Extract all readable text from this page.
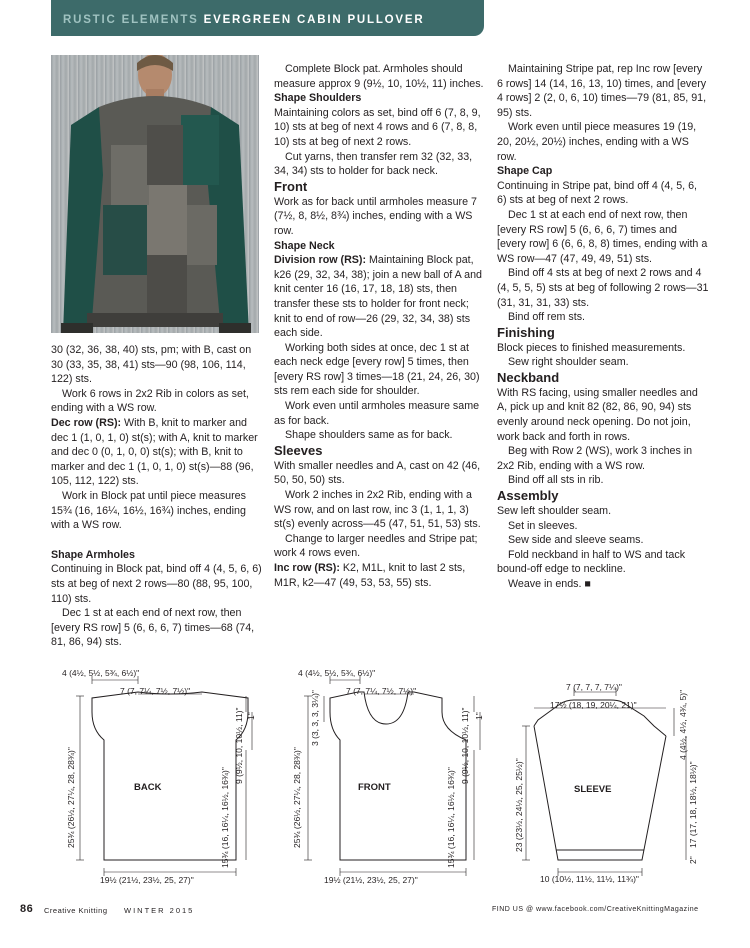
RUSTIC ELEMENTS EVERGREEN CABIN PULLOVER

30 (32, 36, 38, 40) sts, pm; with B, cast on 30 (33, 35, 38, 41) sts—90 (98, 106, 114, 122) sts.

Work 6 rows in 2x2 Rib in colors as set, ending with a WS row.

Dec row (RS): With B, knit to marker and dec 1 (1, 0, 1, 0) st(s); with A, knit to marker and dec 0 (0, 1, 0, 0) st(s); with B, knit to marker and dec 1 (1, 0, 1, 0) st(s)—88 (96, 105, 112, 122) sts.

Work in Block pat until piece measures 15¾ (16, 16¼, 16½, 16¾) inches, ending with a WS row.

Shape Armholes

Continuing in Block pat, bind off 4 (4, 5, 6, 6) sts at beg of next 2 rows—80 (88, 95, 100, 110) sts.

Dec 1 st at each end of next row, then [every RS row] 5 (6, 6, 6, 7) times—68 (74, 81, 86, 94) sts.

Complete Block pat. Armholes should measure approx 9 (9½, 10, 10½, 11) inches.

Shape Shoulders

Maintaining colors as set, bind off 6 (7, 8, 9, 10) sts at beg of next 4 rows and 6 (7, 8, 8, 10) sts at beg of next 2 rows.

Cut yarns, then transfer rem 32 (32, 33, 34, 34) sts to holder for back neck.

Front

Work as for back until armholes measure 7 (7½, 8, 8½, 8¾) inches, ending with a WS row.

Shape Neck

Division row (RS): Maintaining Block pat, k26 (29, 32, 34, 38); join a new ball of A and knit center 16 (16, 17, 18, 18) sts, then transfer these sts to holder for front neck; knit to end of row—26 (29, 32, 34, 38) sts each side.

Working both sides at once, dec 1 st at each neck edge [every row] 5 times, then [every RS row] 3 times—18 (21, 24, 26, 30) sts rem each side for shoulder.

Work even until armholes measure same as for back.

Shape shoulders same as for back.

Sleeves

With smaller needles and A, cast on 42 (46, 50, 50, 50) sts.

Work 2 inches in 2x2 Rib, ending with a WS row, and on last row, inc 3 (1, 1, 1, 3) st(s) evenly across—45 (47, 51, 51, 53) sts.

Change to larger needles and Stripe pat; work 4 rows even.

Inc row (RS): K2, M1L, knit to last 2 sts, M1R, k2—47 (49, 53, 53, 55) sts.

Maintaining Stripe pat, rep Inc row [every 6 rows] 14 (14, 16, 13, 10) times, and [every 4 rows] 2 (2, 0, 6, 10) times—79 (81, 85, 91, 95) sts.

Work even until piece measures 19 (19, 20, 20½, 20½) inches, ending with a WS row.

Shape Cap

Continuing in Stripe pat, bind off 4 (4, 5, 6, 6) sts at beg of next 2 rows.

Dec 1 st at each end of next row, then [every RS row] 5 (6, 6, 6, 7) times and [every row] 6 (6, 6, 8, 8) times, ending with a WS row—47 (47, 49, 49, 51) sts.

Bind off 4 sts at beg of next 2 rows and 4 (4, 5, 5, 5) sts at beg of following 2 rows—31 (31, 31, 31, 33) sts.

Bind off rem sts.

Finishing

Block pieces to finished measurements.

Sew right shoulder seam.

Neckband

With RS facing, using smaller needles and A, pick up and knit 82 (82, 86, 90, 94) sts evenly around neck opening. Do not join, work back and forth in rows.

Beg with Row 2 (WS), work 3 inches in 2x2 Rib, ending with a WS row.

Bind off all sts in rib.

Assembly

Sew left shoulder seam.

Set in sleeves.

Sew side and sleeve seams.

Fold neckband in half to WS and tack bound-off edge to neckline.

Weave in ends. ■

4 (4½, 5½, 5¾, 6½)"
7 (7, 7¼, 7½, 7½)"
25¾ (26½, 27¼, 28, 28¾)"
1"
9 (9½, 10, 10½, 11)"
15¾ (16, 16¼, 16½, 16¾)"
BACK
19½ (21½, 23½, 25, 27)"
4 (4½, 5½, 5¾, 6½)"
7 (7, 7¼, 7½, 7½)"
3 (3, 3, 3, 3¼)"
25¾ (26½, 27¼, 28, 28¾)"
1"
9 (9½, 10, 10½, 11)"
15¾ (16, 16¼, 16½, 16¾)"
FRONT
19½ (21½, 23½, 25, 27)"
7 (7, 7, 7, 7¼)"
17½ (18, 19, 20¼, 21)"	4 (4½, 4½, 4¾, 5)"
17 (17, 18, 18½, 18½)"
2"
23 (23½, 24½, 25, 25½)"	SLEEVE
10 (10½, 11½, 11½, 11¾)"
86 Creative Knitting WINTER 2015	FIND US @ www.facebook.com/CreativeKnittingMagazine
